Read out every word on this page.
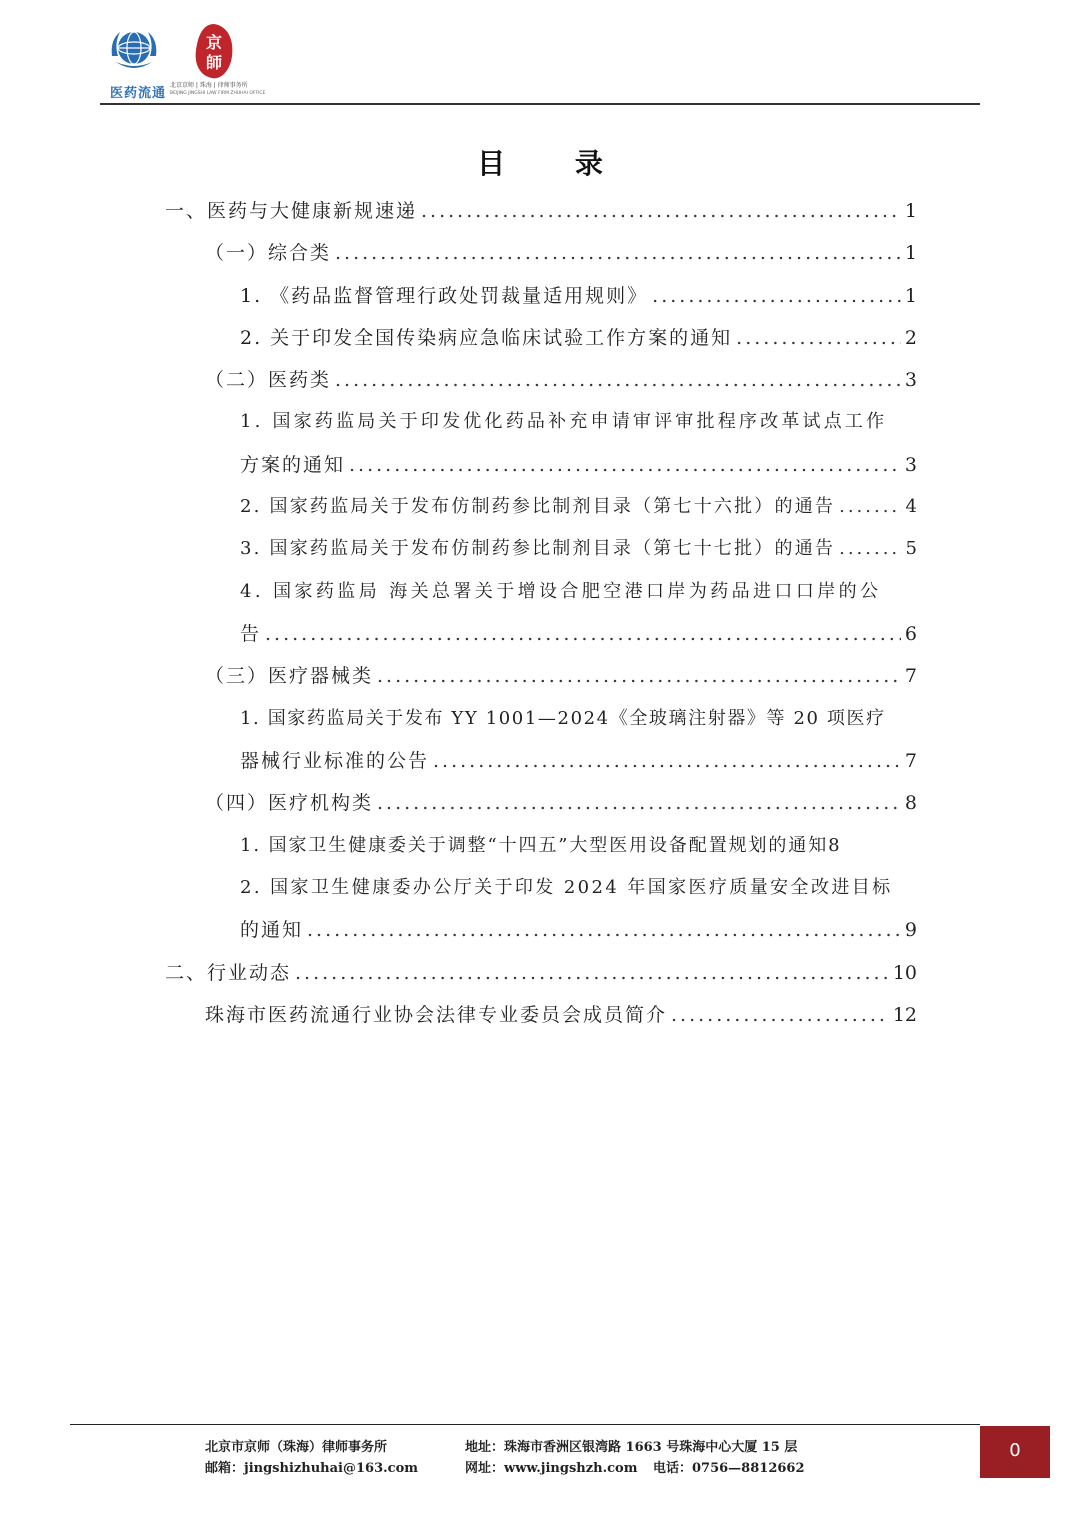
医药流通
京
師
北京京师 | 珠海 | 律师事务所
BEIJING JINGSHI LAW FIRM ZHUHAI OFFICE
目 录
一、医药与大健康新规速递 .....	1
（一）综合类 .....	1
1. 《药品监督管理行政处罚裁量适用规则》 .....	1
2. 关于印发全国传染病应急临床试验工作方案的通知 .....	2
（二）医药类 .....	3
1. 国家药监局关于印发优化药品补充申请审评审批程序改革试点工作
方案的通知 .....	3
2. 国家药监局关于发布仿制药参比制剂目录（第七十六批）的通告 .....	4
3. 国家药监局关于发布仿制药参比制剂目录（第七十七批）的通告 .....	5
4. 国家药监局 海关总署关于增设合肥空港口岸为药品进口口岸的公
告 .....	6
（三）医疗器械类 .....	7
1. 国家药监局关于发布 YY 1001—2024《全玻璃注射器》等 20 项医疗
器械行业标准的公告 .....	7
（四）医疗机构类 .....	8
1. 国家卫生健康委关于调整“十四五”大型医用设备配置规划的通知 8
2. 国家卫生健康委办公厅关于印发 2024 年国家医疗质量安全改进目标
的通知 .....	9
二、行业动态 .....	10
珠海市医药流通行业协会法律专业委员会成员简介 .....	12
北京市京师（珠海）律师事务所	地址：珠海市香洲区银湾路 1663 号珠海中心大厦 15 层
邮箱：jingshizhuhai@163.com	网址：www.jingshzh.com 电话：0756—8812662
0
